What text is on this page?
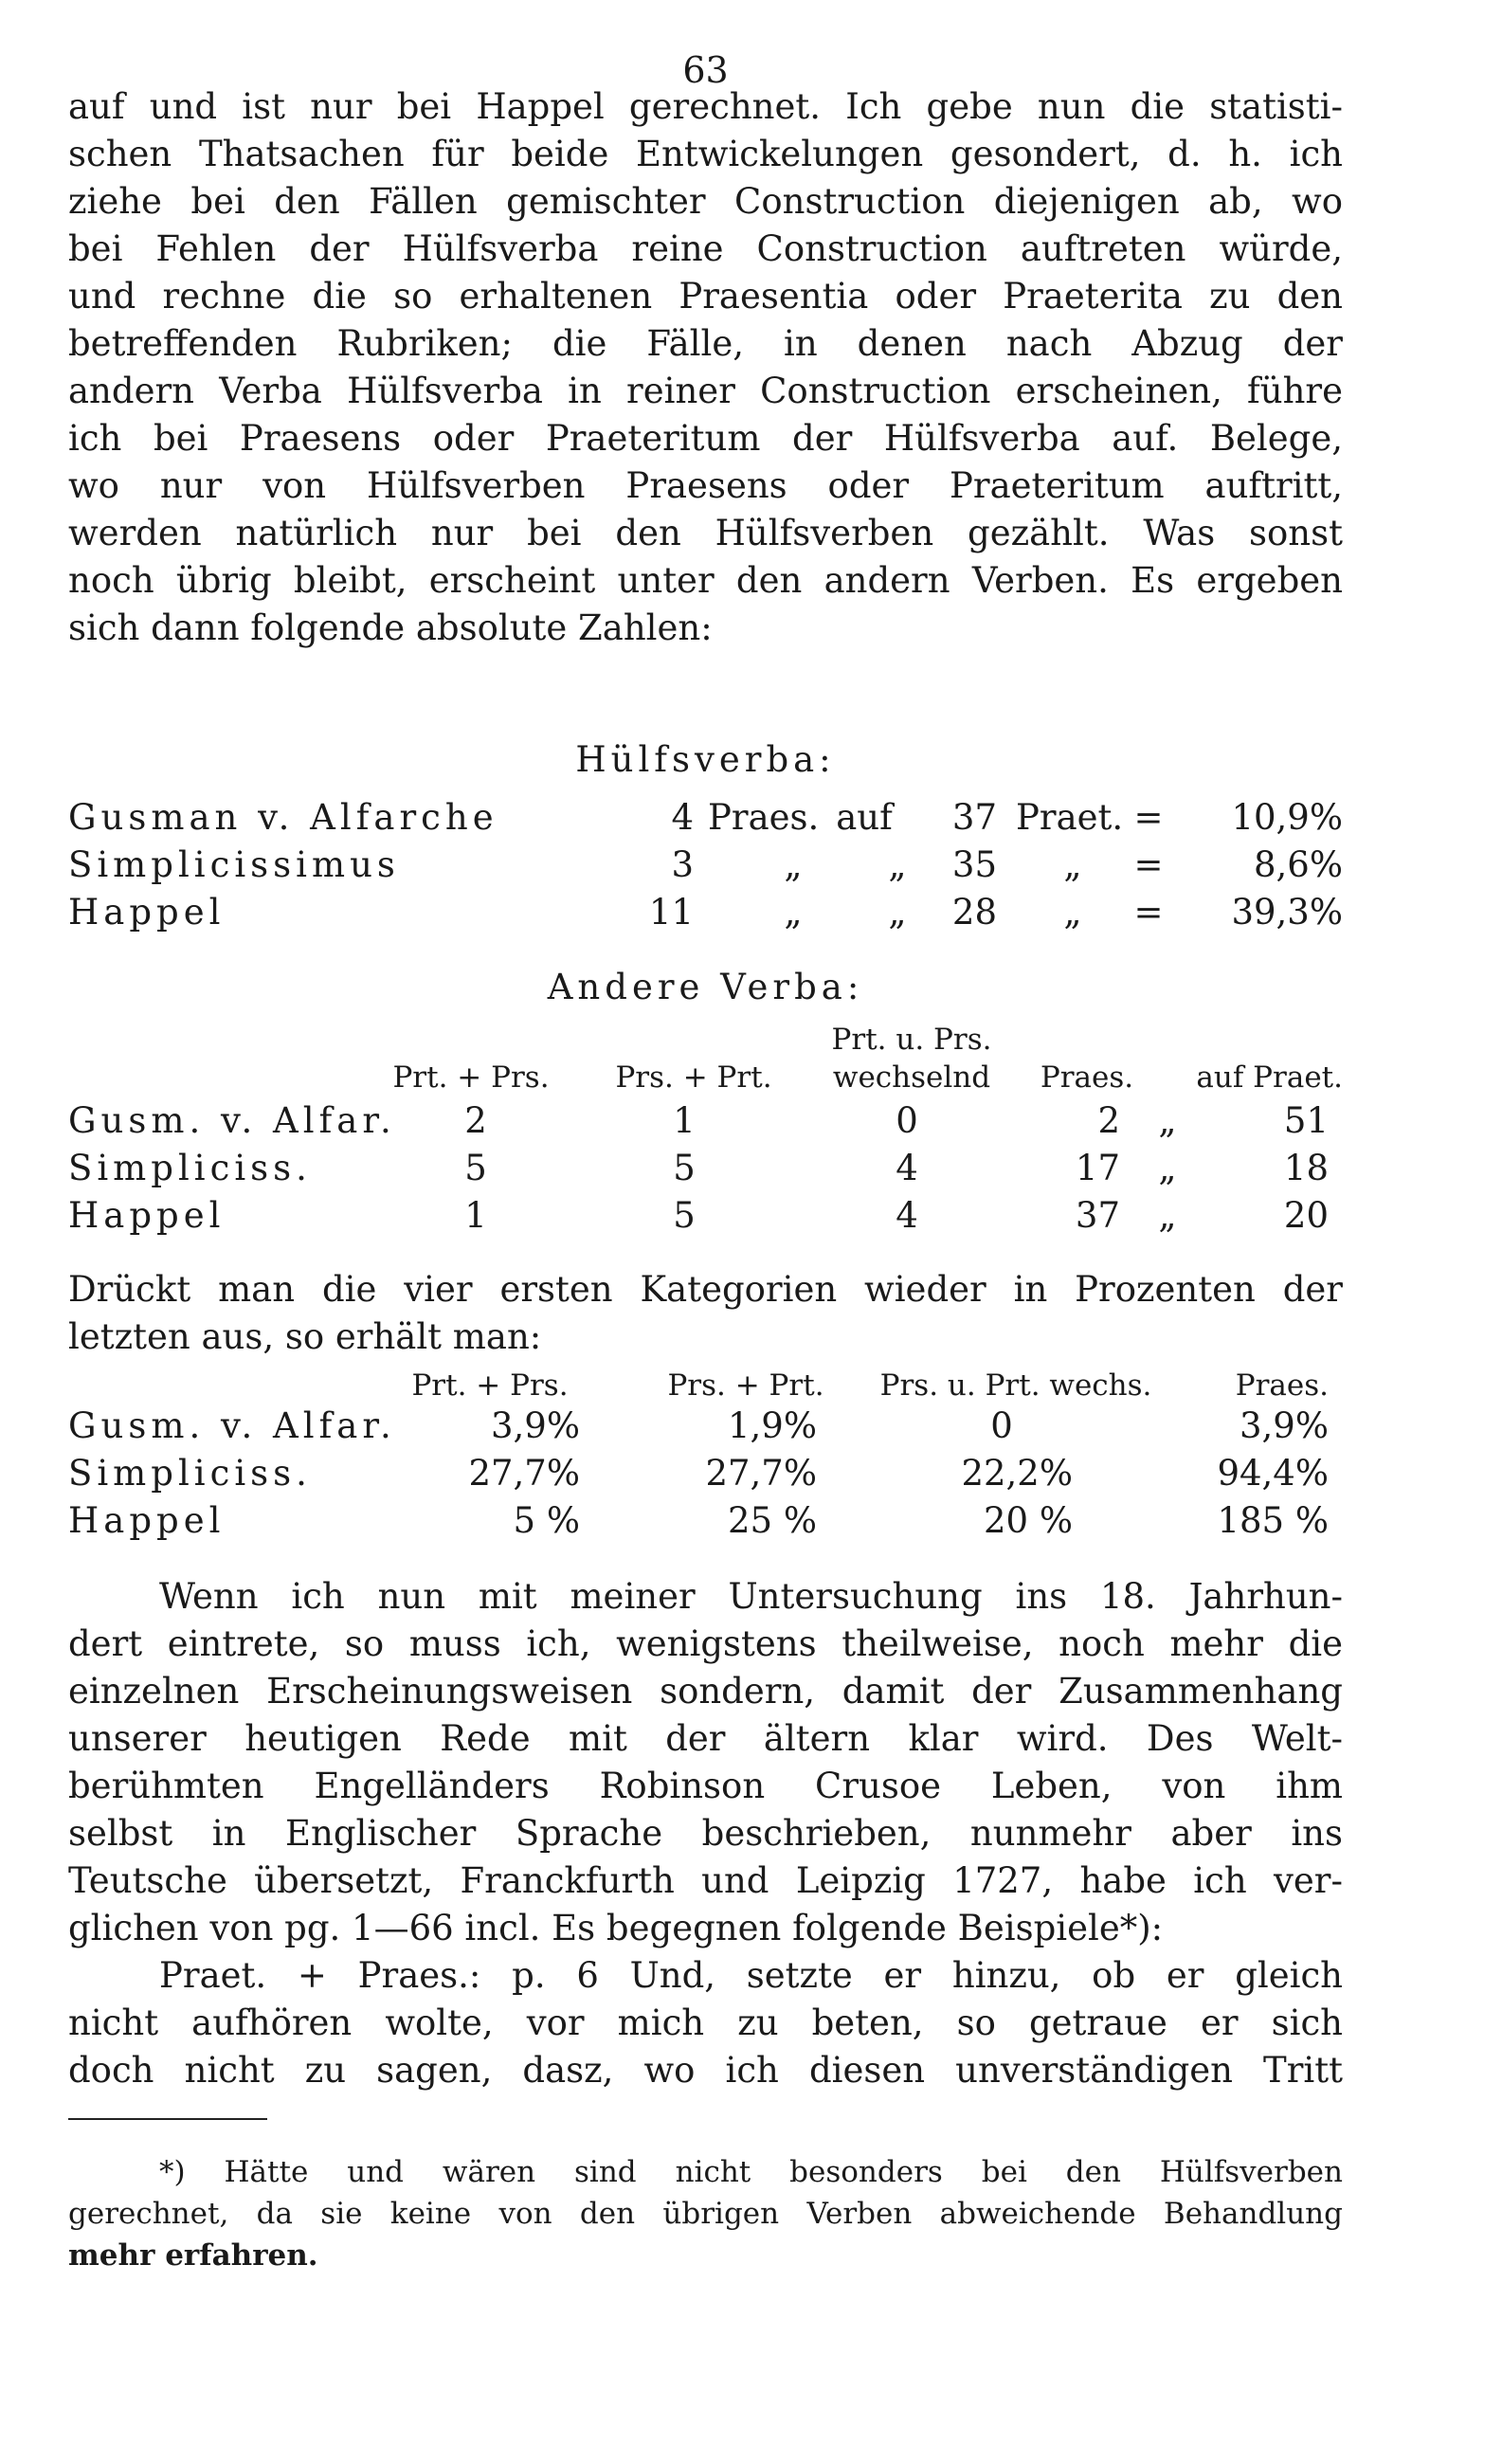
63
auf und ist nur bei Happel gerechnet. Ich gebe nun die statisti-
schen Thatsachen für beide Entwickelungen gesondert, d. h. ich
ziehe bei den Fällen gemischter Construction diejenigen ab, wo
bei Fehlen der Hülfsverba reine Construction auftreten würde,
und rechne die so erhaltenen Praesentia oder Praeterita zu den
betreffenden Rubriken; die Fälle, in denen nach Abzug der
andern Verba Hülfsverba in reiner Construction erscheinen, führe
ich bei Praesens oder Praeteritum der Hülfsverba auf. Belege,
wo nur von Hülfsverben Praesens oder Praeteritum auftritt,
werden natürlich nur bei den Hülfsverben gezählt. Was sonst
noch übrig bleibt, erscheint unter den andern Verben. Es ergeben
sich dann folgende absolute Zahlen:
Hülfsverba:
Gusman v. Alfarche	4 Praes. auf	37 Praet. =	10,9%
Simplicissimus	3	„ „	35 „	=	8,6%
Happel	11	„ „	28 „	=	39,3%
Andere Verba:
Prt. u. Prs.
Prt. + Prs.	Prs. + Prt.	wechselnd	Praes.	auf Praet.
Gusm. v. Alfar.	2	1	0	2 „	51
Simpliciss.	5	5	4	17 „	18
Happel	1	5	4	37 „	20
Drückt man die vier ersten Kategorien wieder in Prozenten der
letzten aus, so erhält man:
Prt. + Prs.	Prs. + Prt.	Prs. u. Prt. wechs.	Praes.
Gusm. v. Alfar.	3,9%	1,9%	0	3,9%
Simpliciss.	27,7%	27,7%	22,2%	94,4%
Happel	5 %	25 %	20 %	185 %
Wenn ich nun mit meiner Untersuchung ins 18. Jahrhun-
dert eintrete, so muss ich, wenigstens theilweise, noch mehr die
einzelnen Erscheinungsweisen sondern, damit der Zusammenhang
unserer heutigen Rede mit der ältern klar wird. Des Welt-
berühmten Engelländers Robinson Crusoe Leben, von ihm
selbst in Englischer Sprache beschrieben, nunmehr aber ins
Teutsche übersetzt, Franckfurth und Leipzig 1727, habe ich ver-
glichen von pg. 1—66 incl. Es begegnen folgende Beispiele*):
Praet. + Praes.: p. 6 Und, setzte er hinzu, ob er gleich
nicht aufhören wolte, vor mich zu beten, so getraue er sich
doch nicht zu sagen, dasz, wo ich diesen unverständigen Tritt
*) Hätte und wären sind nicht besonders bei den Hülfsverben
gerechnet, da sie keine von den übrigen Verben abweichende Behandlung
mehr erfahren.
